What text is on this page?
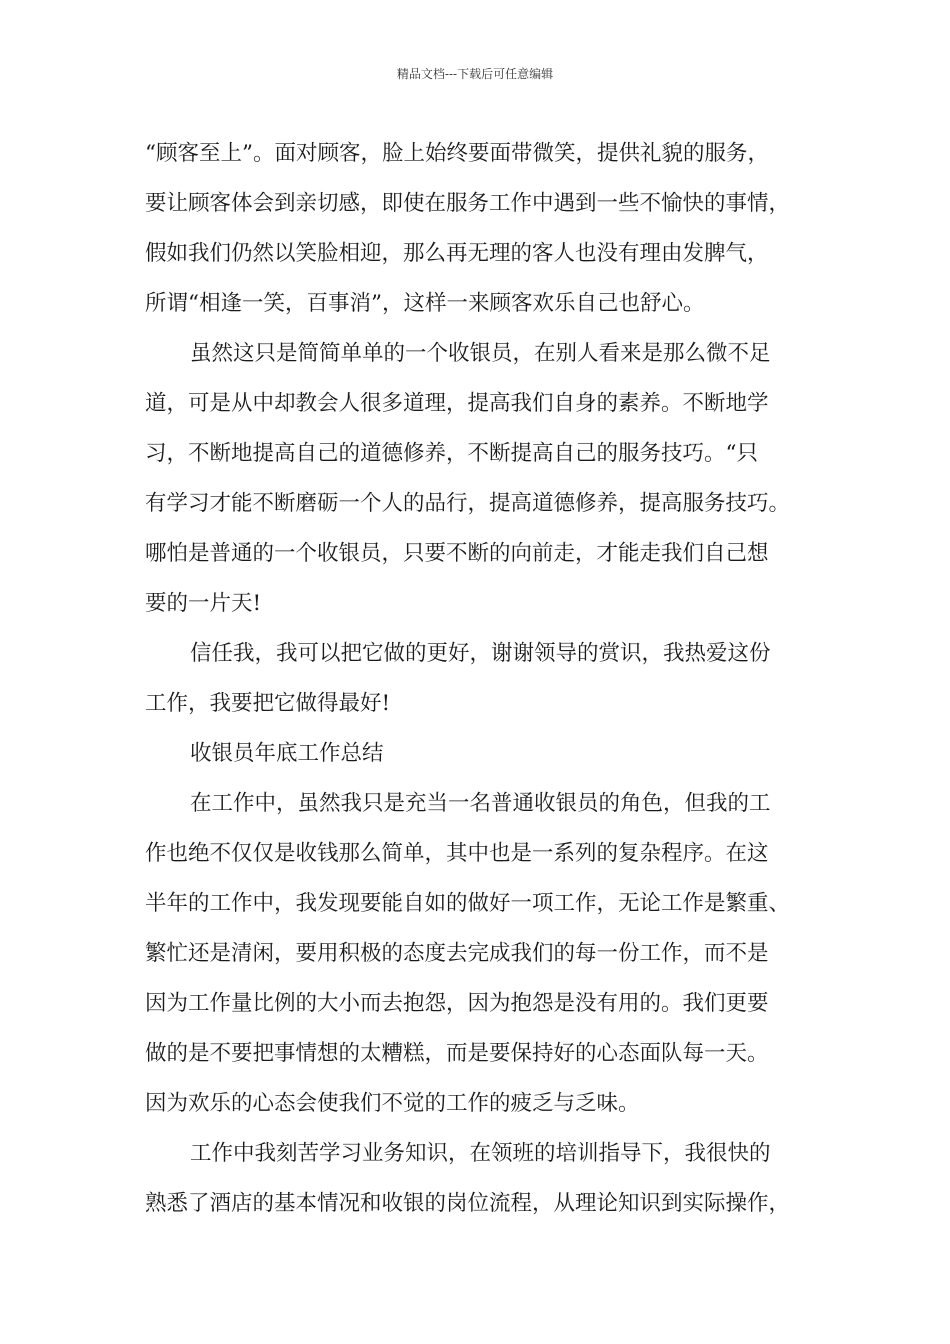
精品文档---下载后可任意编辑
“顾客至上”。面对顾客，脸上始终要面带微笑，提供礼貌的服务，
要让顾客体会到亲切感，即使在服务工作中遇到一些不愉快的事情，
假如我们仍然以笑脸相迎，那么再无理的客人也没有理由发脾气，
所谓“相逢一笑，百事消”，这样一来顾客欢乐自己也舒心。
虽然这只是简简单单的一个收银员，在别人看来是那么微不足
道，可是从中却教会人很多道理，提高我们自身的素养。不断地学
习，不断地提高自己的道德修养，不断提高自己的服务技巧。“只
有学习才能不断磨砺一个人的品行，提高道德修养，提高服务技巧。
哪怕是普通的一个收银员，只要不断的向前走，才能走我们自己想
要的一片天!
信任我，我可以把它做的更好，谢谢领导的赏识，我热爱这份
工作，我要把它做得最好!
收银员年底工作总结
在工作中，虽然我只是充当一名普通收银员的角色，但我的工
作也绝不仅仅是收钱那么简单，其中也是一系列的复杂程序。在这
半年的工作中，我发现要能自如的做好一项工作，无论工作是繁重、
繁忙还是清闲，要用积极的态度去完成我们的每一份工作，而不是
因为工作量比例的大小而去抱怨，因为抱怨是没有用的。我们更要
做的是不要把事情想的太糟糕，而是要保持好的心态面队每一天。
因为欢乐的心态会使我们不觉的工作的疲乏与乏味。
工作中我刻苦学习业务知识，在领班的培训指导下，我很快的
熟悉了酒店的基本情况和收银的岗位流程，从理论知识到实际操作，
